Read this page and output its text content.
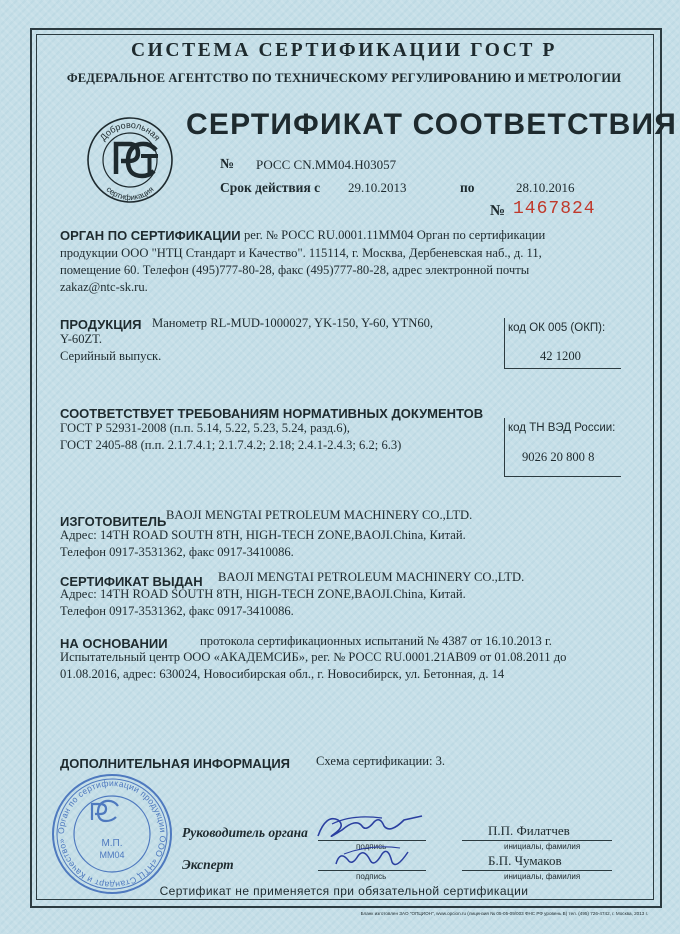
СИСТЕМА СЕРТИФИКАЦИИ ГОСТ Р
ФЕДЕРАЛЬНОЕ АГЕНТСТВО ПО ТЕХНИЧЕСКОМУ РЕГУЛИРОВАНИЮ И МЕТРОЛОГИИ
Добровольная
сертификация
СЕРТИФИКАТ СООТВЕТСТВИЯ
№ РОСС CN.MM04.H03057
Срок действия с 29.10.2013	по	28.10.2016
№ 1467824
ОРГАН ПО СЕРТИФИКАЦИИ рег. № РОСС RU.0001.11ММ04 Орган по сертификации
продукции ООО "НТЦ Стандарт и Качество". 115114, г. Москва, Дербеневская наб., д. 11,
помещение 60. Телефон (495)777-80-28, факс (495)777-80-28, адрес электронной почты
zakaz@ntc-sk.ru.
ПРОДУКЦИЯ Манометр RL-MUD-1000027, YK-150, Y-60, YTN60,
Y-60ZT.
Серийный выпуск.
код ОК 005 (ОКП):
42 1200
СООТВЕТСТВУЕТ ТРЕБОВАНИЯМ НОРМАТИВНЫХ ДОКУМЕНТОВ
ГОСТ Р 52931-2008 (п.п. 5.14, 5.22, 5.23, 5.24, разд.6),
ГОСТ 2405-88 (п.п. 2.1.7.4.1; 2.1.7.4.2; 2.18; 2.4.1-2.4.3; 6.2; 6.3)
код ТН ВЭД России:
9026 20 800 8
ИЗГОТОВИТЕЛЬ BAOJI MENGTAI PETROLEUM MACHINERY CO.,LTD.
Адрес: 14TH ROAD SOUTH 8TH, HIGH-TECH ZONE,BAOJI.China, Китай.
Телефон 0917-3531362, факс 0917-3410086.
СЕРТИФИКАТ ВЫДАН BAOJI MENGTAI PETROLEUM MACHINERY CO.,LTD.
Адрес: 14TH ROAD SOUTH 8TH, HIGH-TECH ZONE,BAOJI.China, Китай.
Телефон 0917-3531362, факс 0917-3410086.
НА ОСНОВАНИИ	протокола сертификационных испытаний № 4387 от 16.10.2013 г.
Испытательный центр ООО «АКАДЕМСИБ», рег. № РОСС RU.0001.21АВ09 от 01.08.2011 до
01.08.2016, адрес: 630024, Новосибирская обл., г. Новосибирск, ул. Бетонная, д. 14
ДОПОЛНИТЕЛЬНАЯ ИНФОРМАЦИЯ Схема сертификации: 3.
Орган по сертификации продукции ООО «НТЦ Стандарт и Качество»	М.П.
ММ04
Руководитель органа
подпись
П.П. Филатчев
инициалы, фамилия
Эксперт
подпись
Б.П. Чумаков
инициалы, фамилия
Сертификат не применяется при обязательной сертификации
Бланк изготовлен ЗАО "ОПЦИОН", www.opcion.ru (лицензия № 05-05-09/003 ФНС РФ уровень В) тел. (495) 726-4742, г. Москва, 2013 г.
